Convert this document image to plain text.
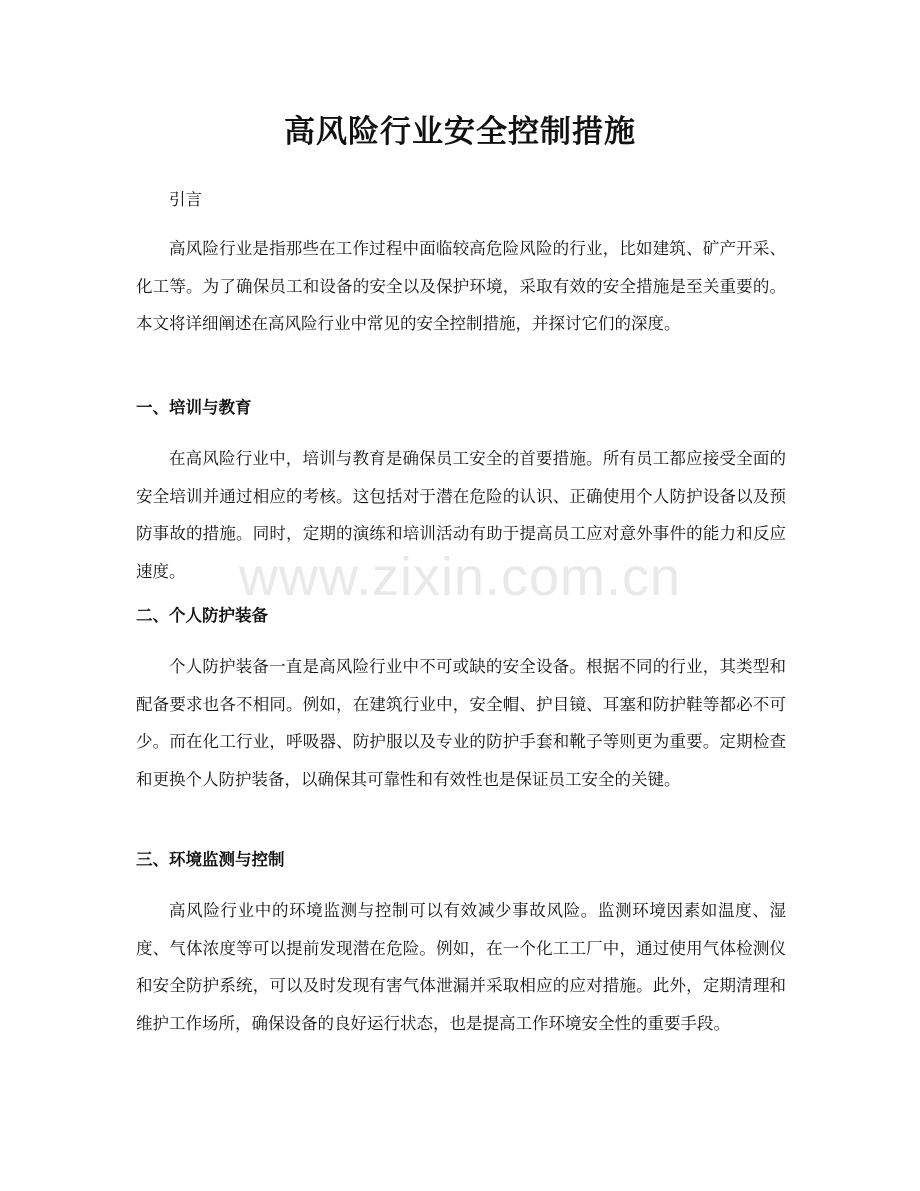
高风险行业安全控制措施

引言

高风险行业是指那些在工作过程中面临较高危险风险的行业，比如建筑、矿产开采、化工等。为了确保员工和设备的安全以及保护环境，采取有效的安全措施是至关重要的。本文将详细阐述在高风险行业中常见的安全控制措施，并探讨它们的深度。

一、培训与教育

在高风险行业中，培训与教育是确保员工安全的首要措施。所有员工都应接受全面的安全培训并通过相应的考核。这包括对于潜在危险的认识、正确使用个人防护设备以及预防事故的措施。同时，定期的演练和培训活动有助于提高员工应对意外事件的能力和反应速度。

二、个人防护装备

个人防护装备一直是高风险行业中不可或缺的安全设备。根据不同的行业，其类型和配备要求也各不相同。例如，在建筑行业中，安全帽、护目镜、耳塞和防护鞋等都必不可少。而在化工行业，呼吸器、防护服以及专业的防护手套和靴子等则更为重要。定期检查和更换个人防护装备，以确保其可靠性和有效性也是保证员工安全的关键。

三、环境监测与控制

高风险行业中的环境监测与控制可以有效减少事故风险。监测环境因素如温度、湿度、气体浓度等可以提前发现潜在危险。例如，在一个化工工厂中，通过使用气体检测仪和安全防护系统，可以及时发现有害气体泄漏并采取相应的应对措施。此外，定期清理和维护工作场所，确保设备的良好运行状态，也是提高工作环境安全性的重要手段。

www.zixin.com.cn
